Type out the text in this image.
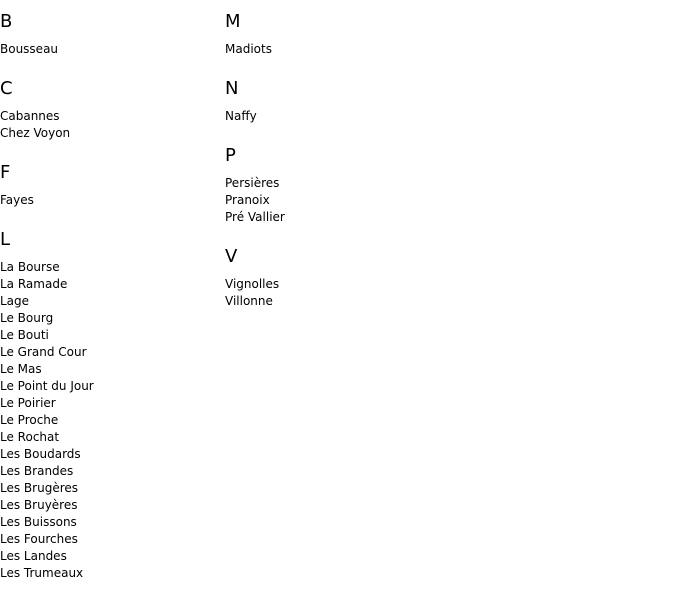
B
Bousseau
C
Cabannes
Chez Voyon
F
Fayes
L
La Bourse
La Ramade
Lage
Le Bourg
Le Bouti
Le Grand Cour
Le Mas
Le Point du Jour
Le Poirier
Le Proche
Le Rochat
Les Boudards
Les Brandes
Les Brugères
Les Bruyères
Les Buissons
Les Fourches
Les Landes
Les Trumeaux
M
Madiots
N
Naffy
P
Persières
Pranoix
Pré Vallier
V
Vignolles
Villonne
